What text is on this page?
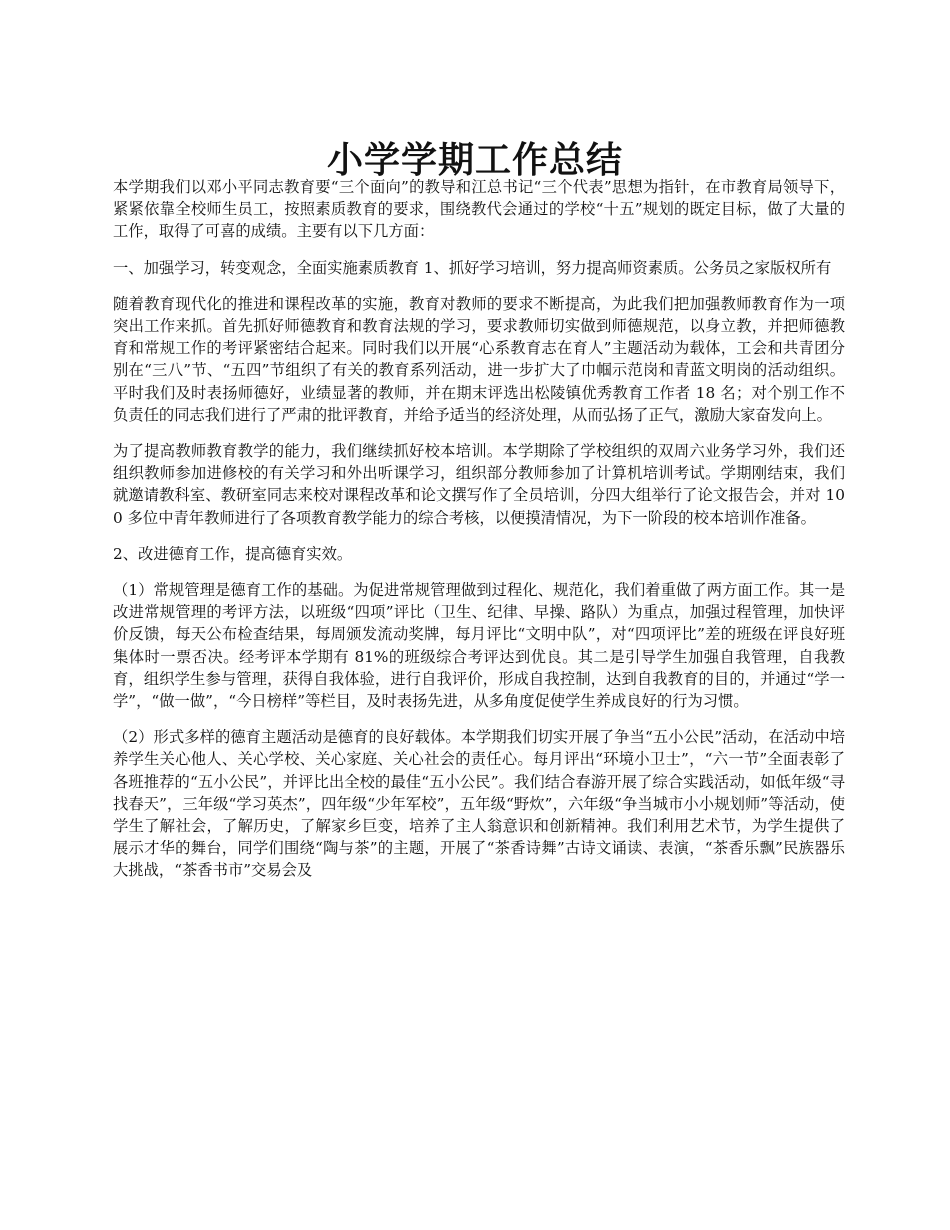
小学学期工作总结

本学期我们以邓小平同志教育要“三个面向”的教导和江总书记“三个代表”思想为指针，在市教育局领导下，紧紧依靠全校师生员工，按照素质教育的要求，围绕教代会通过的学校“十五”规划的既定目标，做了大量的工作，取得了可喜的成绩。主要有以下几方面：

一、加强学习，转变观念，全面实施素质教育 1、抓好学习培训，努力提高师资素质。公务员之家版权所有

随着教育现代化的推进和课程改革的实施，教育对教师的要求不断提高，为此我们把加强教师教育作为一项突出工作来抓。首先抓好师德教育和教育法规的学习，要求教师切实做到师德规范，以身立教，并把师德教育和常规工作的考评紧密结合起来。同时我们以开展“心系教育志在育人”主题活动为载体，工会和共青团分别在“三八”节、“五四”节组织了有关的教育系列活动，进一步扩大了巾帼示范岗和青蓝文明岗的活动组织。平时我们及时表扬师德好，业绩显著的教师，并在期末评选出松陵镇优秀教育工作者 18 名；对个别工作不负责任的同志我们进行了严肃的批评教育，并给予适当的经济处理，从而弘扬了正气，激励大家奋发向上。

为了提高教师教育教学的能力，我们继续抓好校本培训。本学期除了学校组织的双周六业务学习外，我们还组织教师参加进修校的有关学习和外出听课学习，组织部分教师参加了计算机培训考试。学期刚结束，我们就邀请教科室、教研室同志来校对课程改革和论文撰写作了全员培训，分四大组举行了论文报告会，并对 100 多位中青年教师进行了各项教育教学能力的综合考核，以便摸清情况，为下一阶段的校本培训作准备。

2、改进德育工作，提高德育实效。

（1）常规管理是德育工作的基础。为促进常规管理做到过程化、规范化，我们着重做了两方面工作。其一是改进常规管理的考评方法，以班级“四项”评比（卫生、纪律、早操、路队）为重点，加强过程管理，加快评价反馈，每天公布检查结果，每周颁发流动奖牌，每月评比“文明中队”，对“四项评比”差的班级在评良好班集体时一票否决。经考评本学期有 81%的班级综合考评达到优良。其二是引导学生加强自我管理，自我教育，组织学生参与管理，获得自我体验，进行自我评价，形成自我控制，达到自我教育的目的，并通过“学一学”，“做一做”，“今日榜样”等栏目，及时表扬先进，从多角度促使学生养成良好的行为习惯。

（2）形式多样的德育主题活动是德育的良好载体。本学期我们切实开展了争当“五小公民”活动，在活动中培养学生关心他人、关心学校、关心家庭、关心社会的责任心。每月评出“环境小卫士”，“六一节”全面表彰了各班推荐的“五小公民”，并评比出全校的最佳“五小公民”。我们结合春游开展了综合实践活动，如低年级“寻找春天”，三年级“学习英杰”，四年级“少年军校”，五年级“野炊”，六年级“争当城市小小规划师”等活动，使学生了解社会，了解历史，了解家乡巨变，培养了主人翁意识和创新精神。我们利用艺术节，为学生提供了展示才华的舞台，同学们围绕“陶与茶”的主题，开展了“茶香诗舞”古诗文诵读、表演，“茶香乐飘”民族器乐大挑战，“茶香书市”交易会及
